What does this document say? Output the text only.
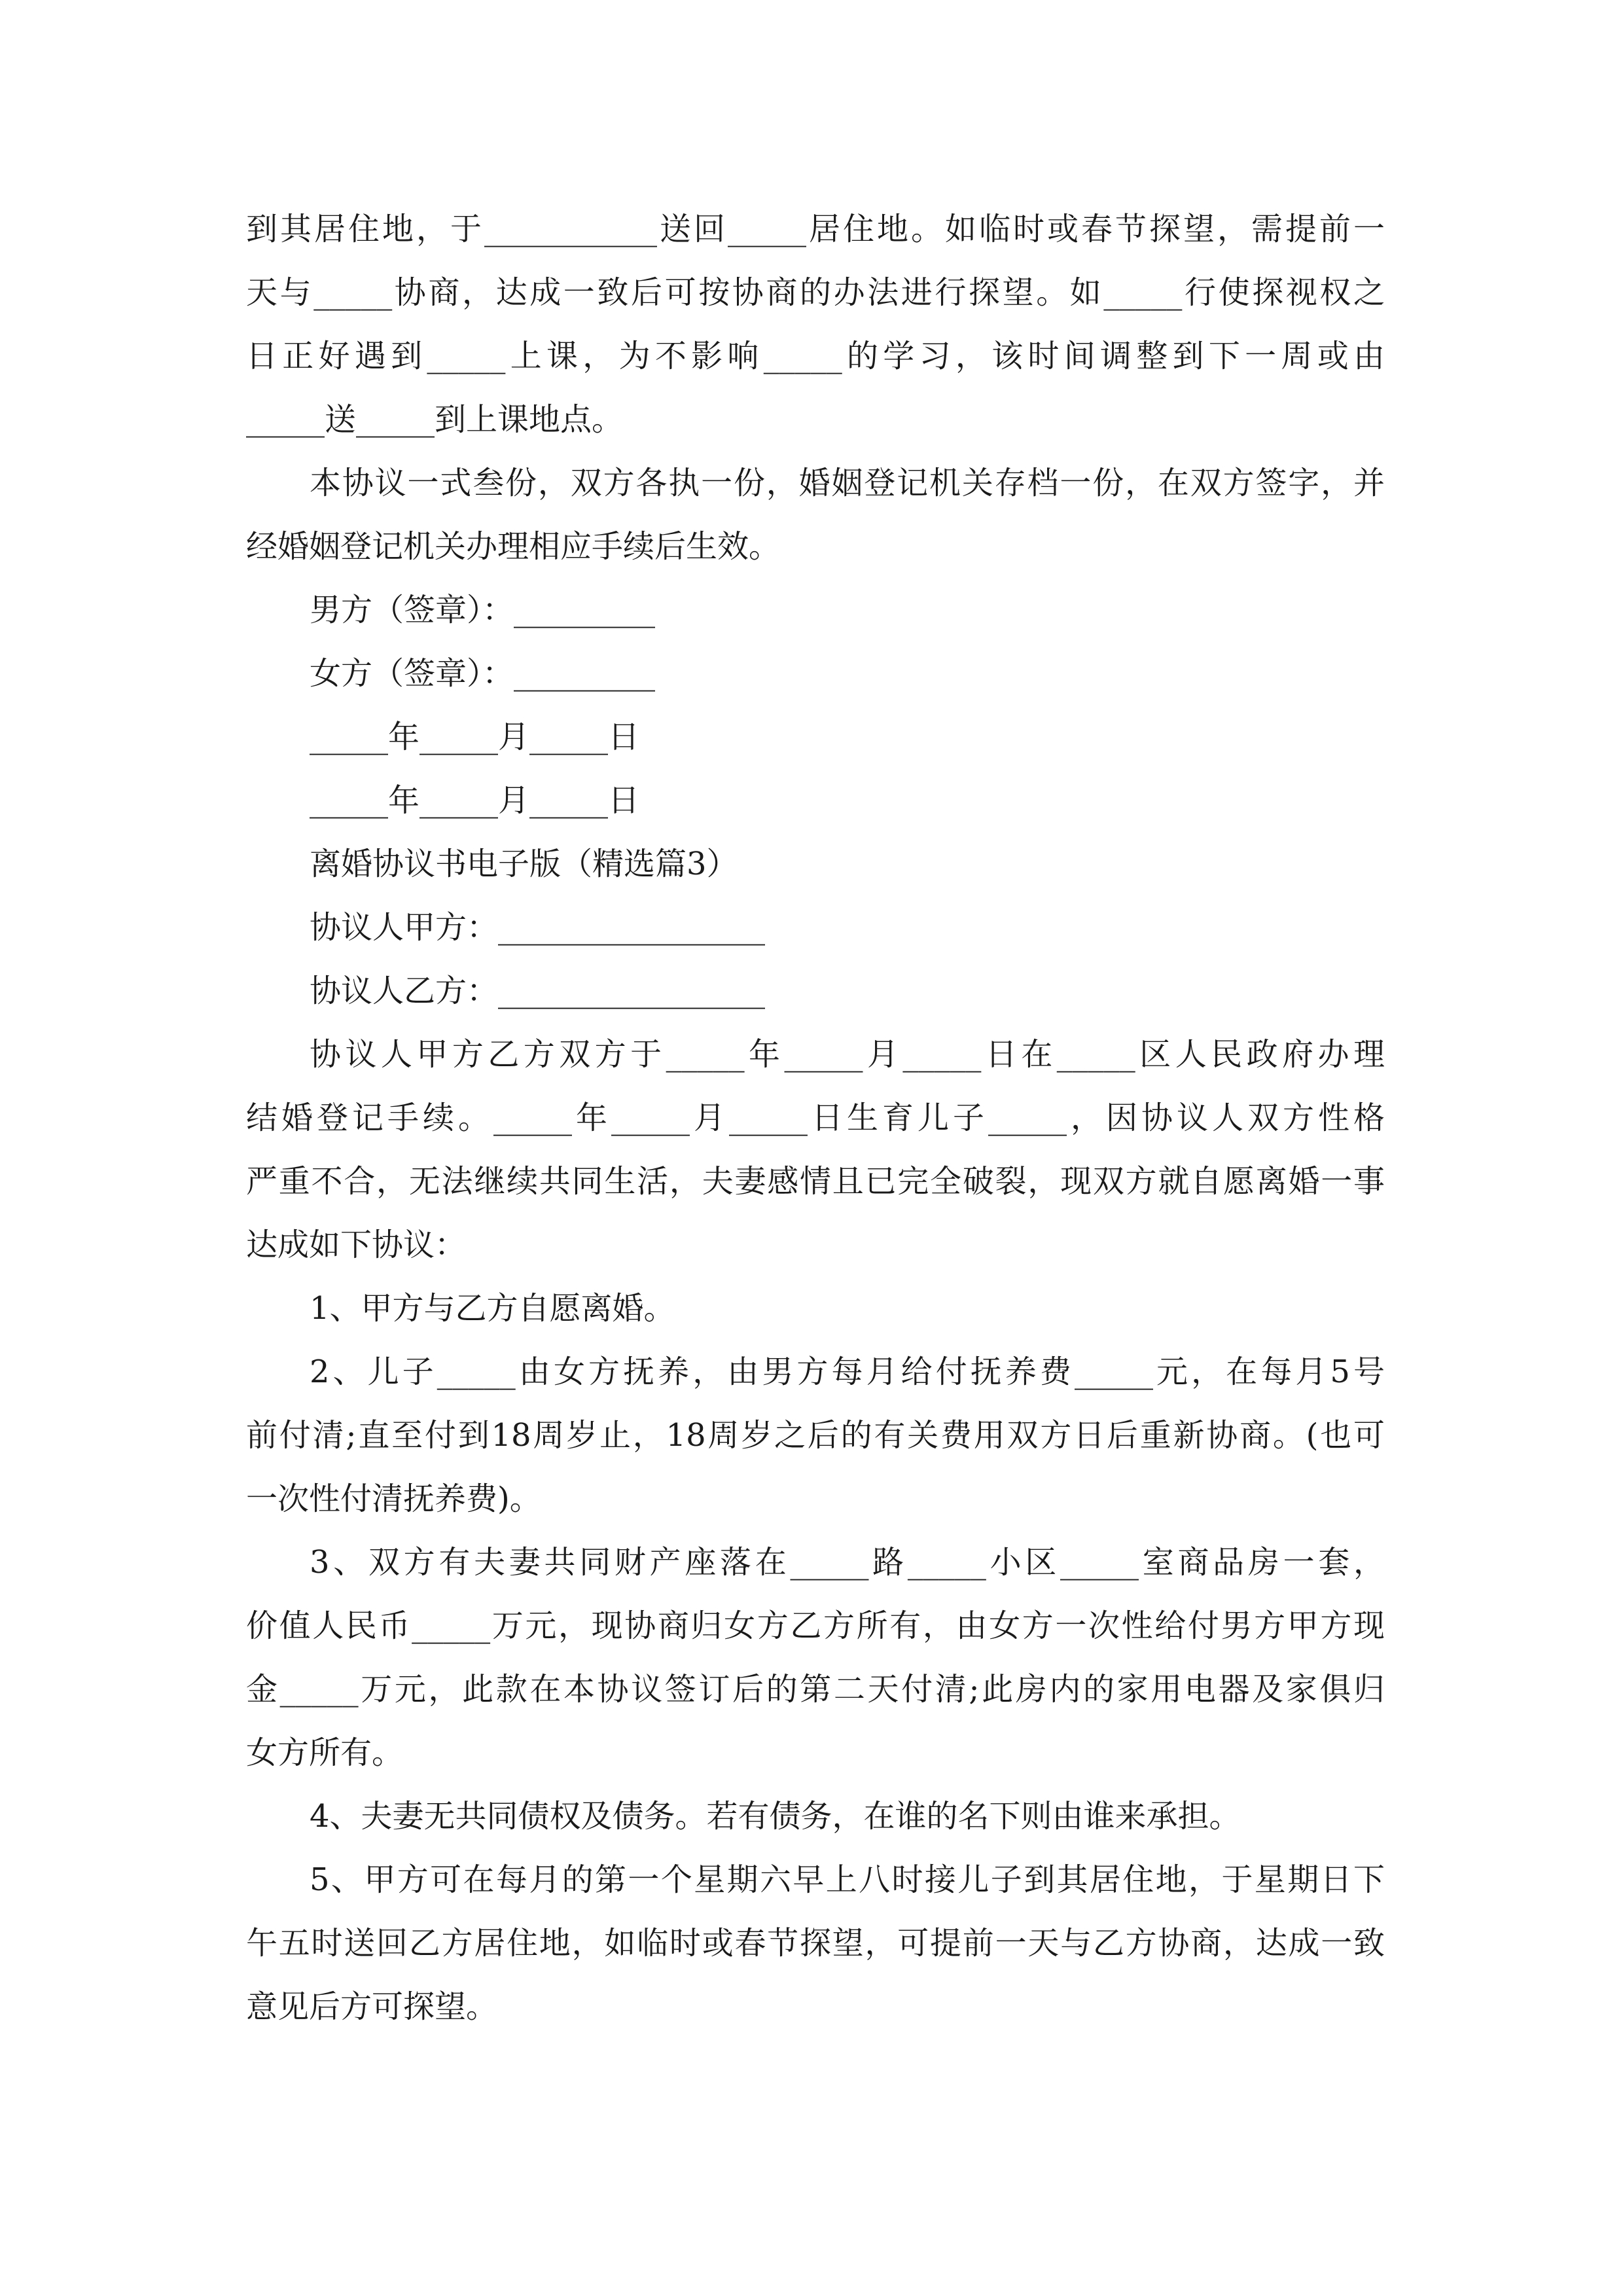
到其居住地，于___________送回_____居住地。如临时或春节探望，需提前一
天与_____协商，达成一致后可按协商的办法进行探望。如_____行使探视权之
日正好遇到_____上课，为不影响_____的学习，该时间调整到下一周或由
_____送_____到上课地点。
本协议一式叁份，双方各执一份，婚姻登记机关存档一份，在双方签字，并
经婚姻登记机关办理相应手续后生效。
男方（签章）：_________
女方（签章）：_________
_____年_____月_____日
_____年_____月_____日
离婚协议书电子版（精选篇3）
协议人甲方：_________________
协议人乙方：_________________
协议人甲方乙方双方于_____年_____月_____日在_____区人民政府办理
结婚登记手续。_____年_____月_____日生育儿子_____，因协议人双方性格
严重不合，无法继续共同生活，夫妻感情且已完全破裂，现双方就自愿离婚一事
达成如下协议：
1、甲方与乙方自愿离婚。
2、儿子_____由女方抚养，由男方每月给付抚养费_____元，在每月5号
前付清;直至付到18周岁止，18周岁之后的有关费用双方日后重新协商。(也可
一次性付清抚养费)。
3、双方有夫妻共同财产座落在_____路_____小区_____室商品房一套，
价值人民币_____万元，现协商归女方乙方所有，由女方一次性给付男方甲方现
金_____万元，此款在本协议签订后的第二天付清;此房内的家用电器及家俱归
女方所有。
4、夫妻无共同债权及债务。若有债务，在谁的名下则由谁来承担。
5、甲方可在每月的第一个星期六早上八时接儿子到其居住地，于星期日下
午五时送回乙方居住地，如临时或春节探望，可提前一天与乙方协商，达成一致
意见后方可探望。
